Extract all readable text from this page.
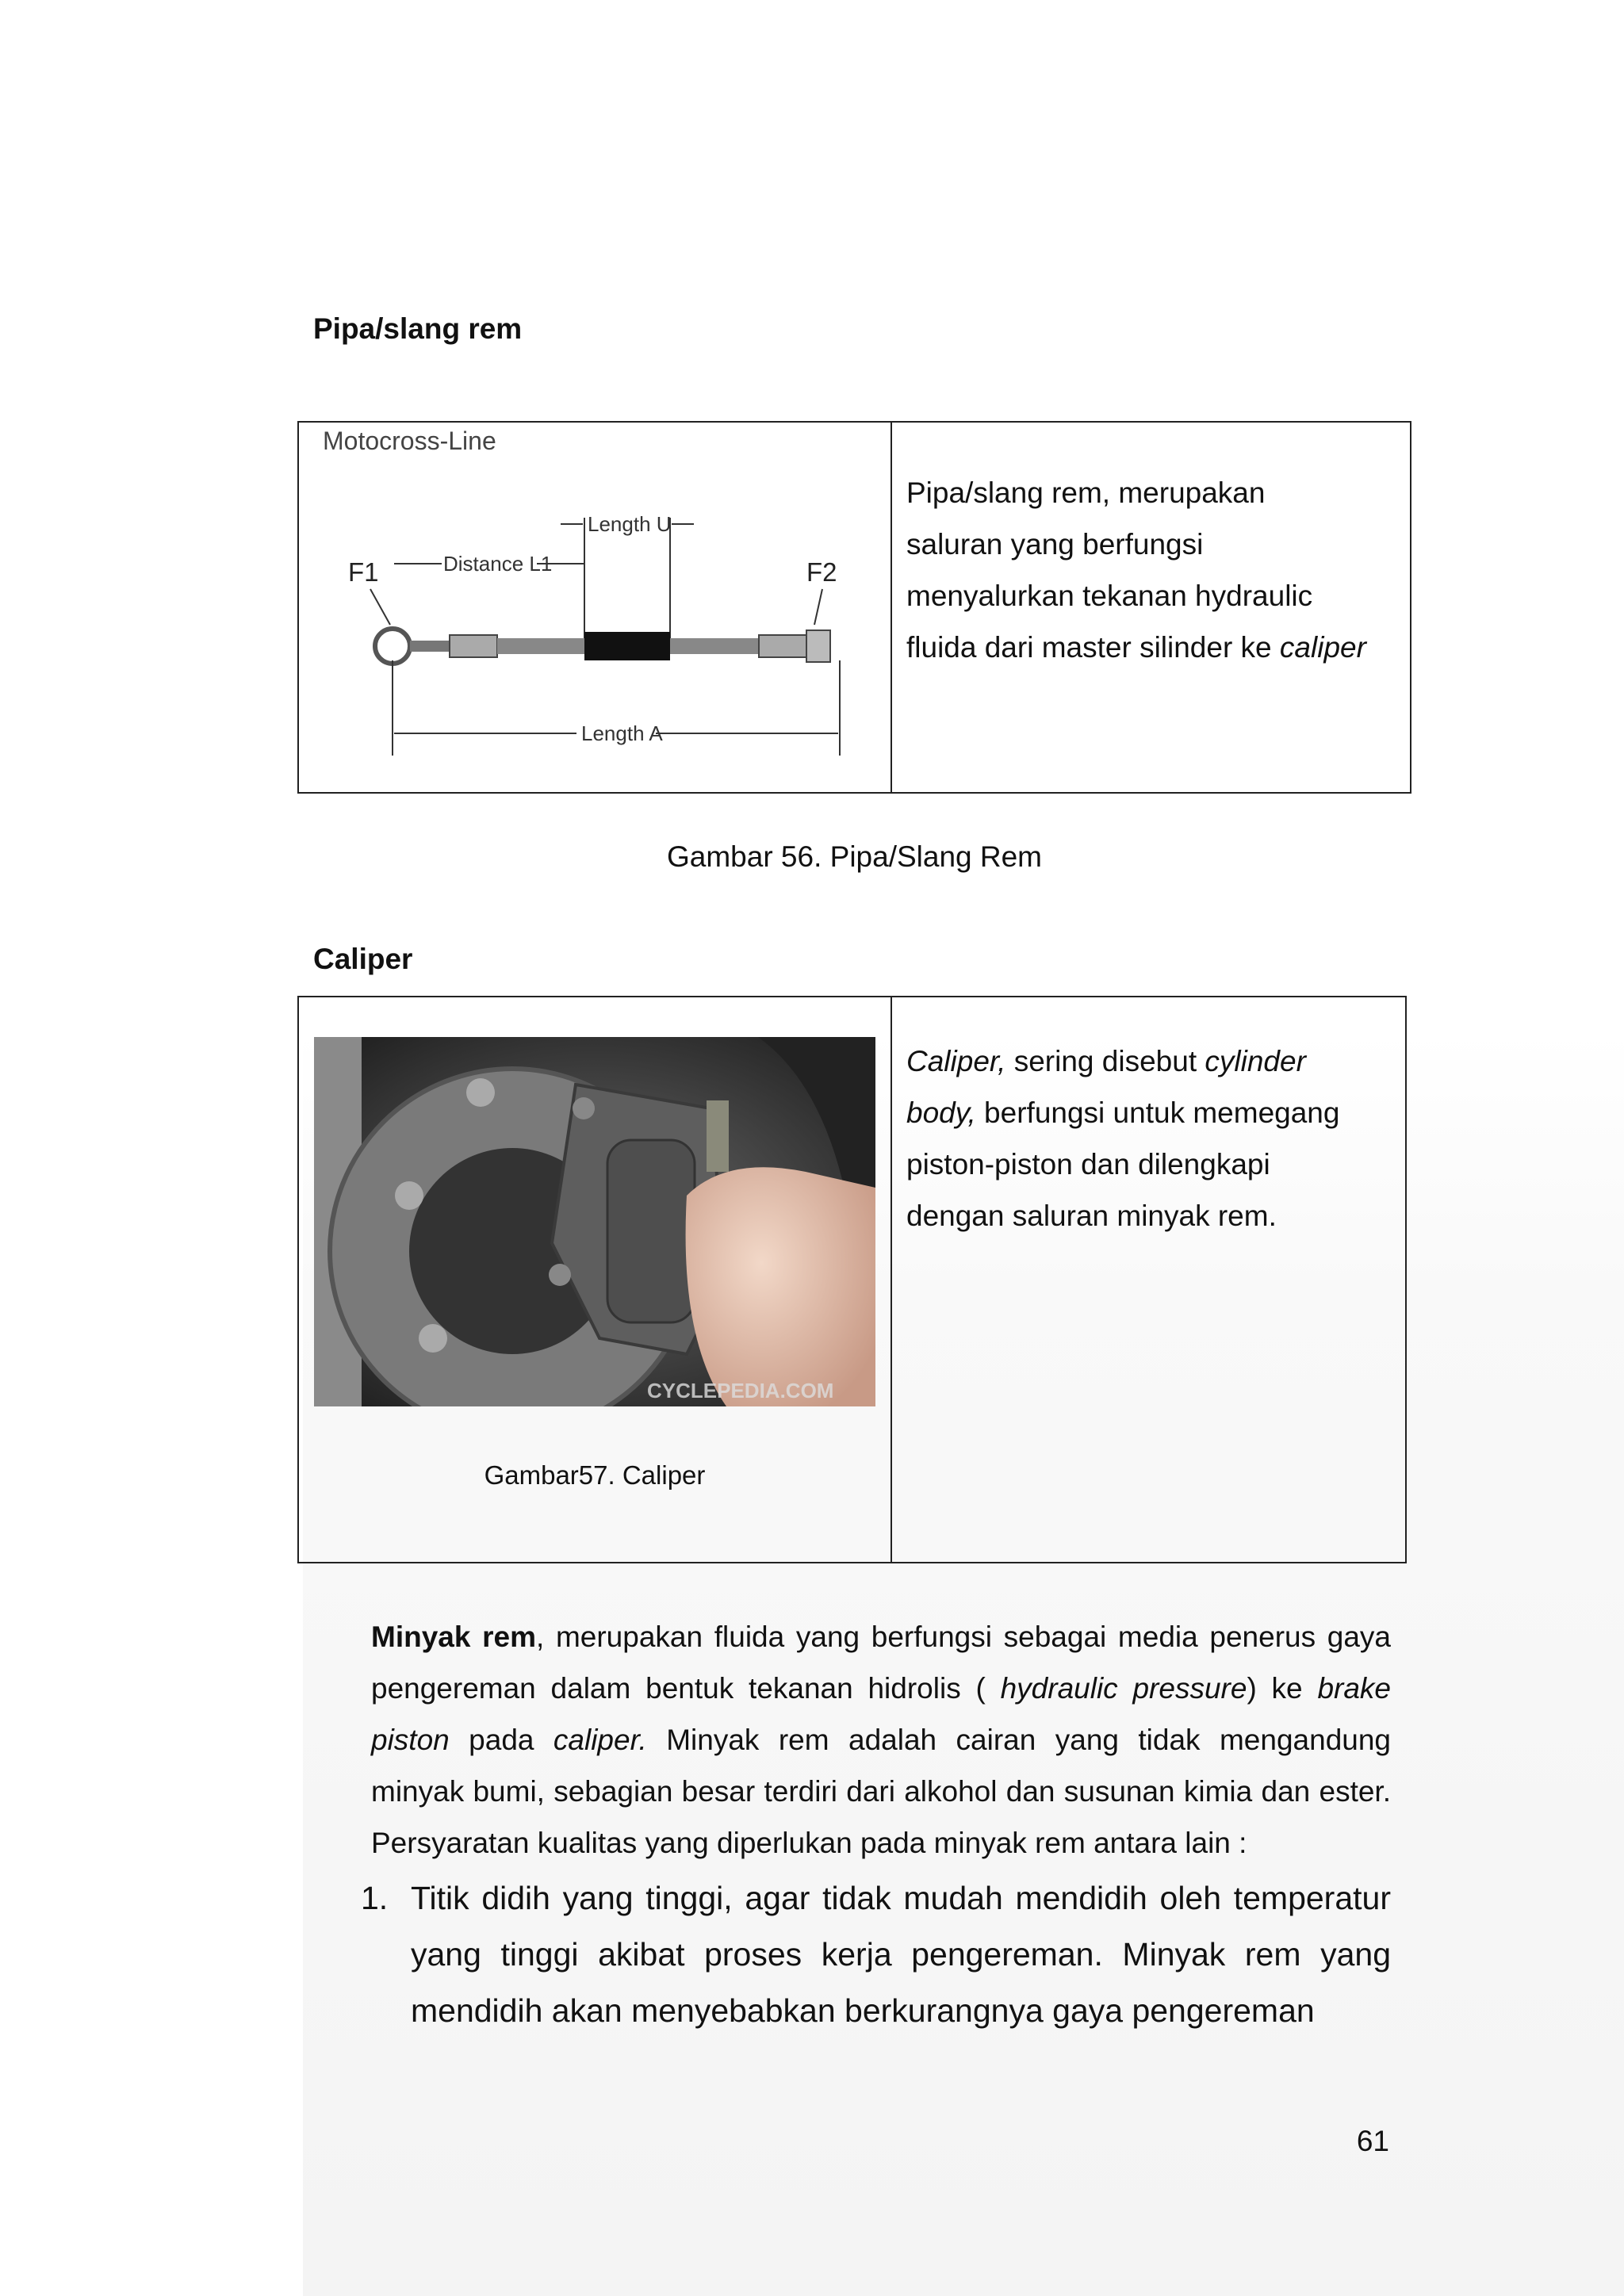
Pipa/slang rem
Motocross-Line
F1	F2
Distance L1
Length U
Length A

Pipa/slang rem, merupakan
saluran yang berfungsi
menyalurkan tekanan hydraulic
fluida dari master silinder ke caliper
Gambar 56. Pipa/Slang Rem
Caliper
CYCLEPEDIA.COM
Gambar57. Caliper

Caliper, sering disebut cylinder
body, berfungsi untuk memegang
piston-piston dan dilengkapi
dengan saluran minyak rem.
Minyak rem, merupakan fluida yang berfungsi sebagai media penerus gaya pengereman dalam bentuk tekanan hidrolis ( hydraulic pressure) ke brake piston pada caliper. Minyak rem adalah cairan yang tidak mengandung minyak bumi, sebagian besar terdiri dari alkohol dan susunan kimia dan ester. Persyaratan kualitas yang diperlukan pada minyak rem antara lain :
1. Titik didih yang tinggi, agar tidak mudah mendidih oleh temperatur yang tinggi akibat proses kerja pengereman. Minyak rem yang mendidih akan menyebabkan berkurangnya gaya pengereman
61
